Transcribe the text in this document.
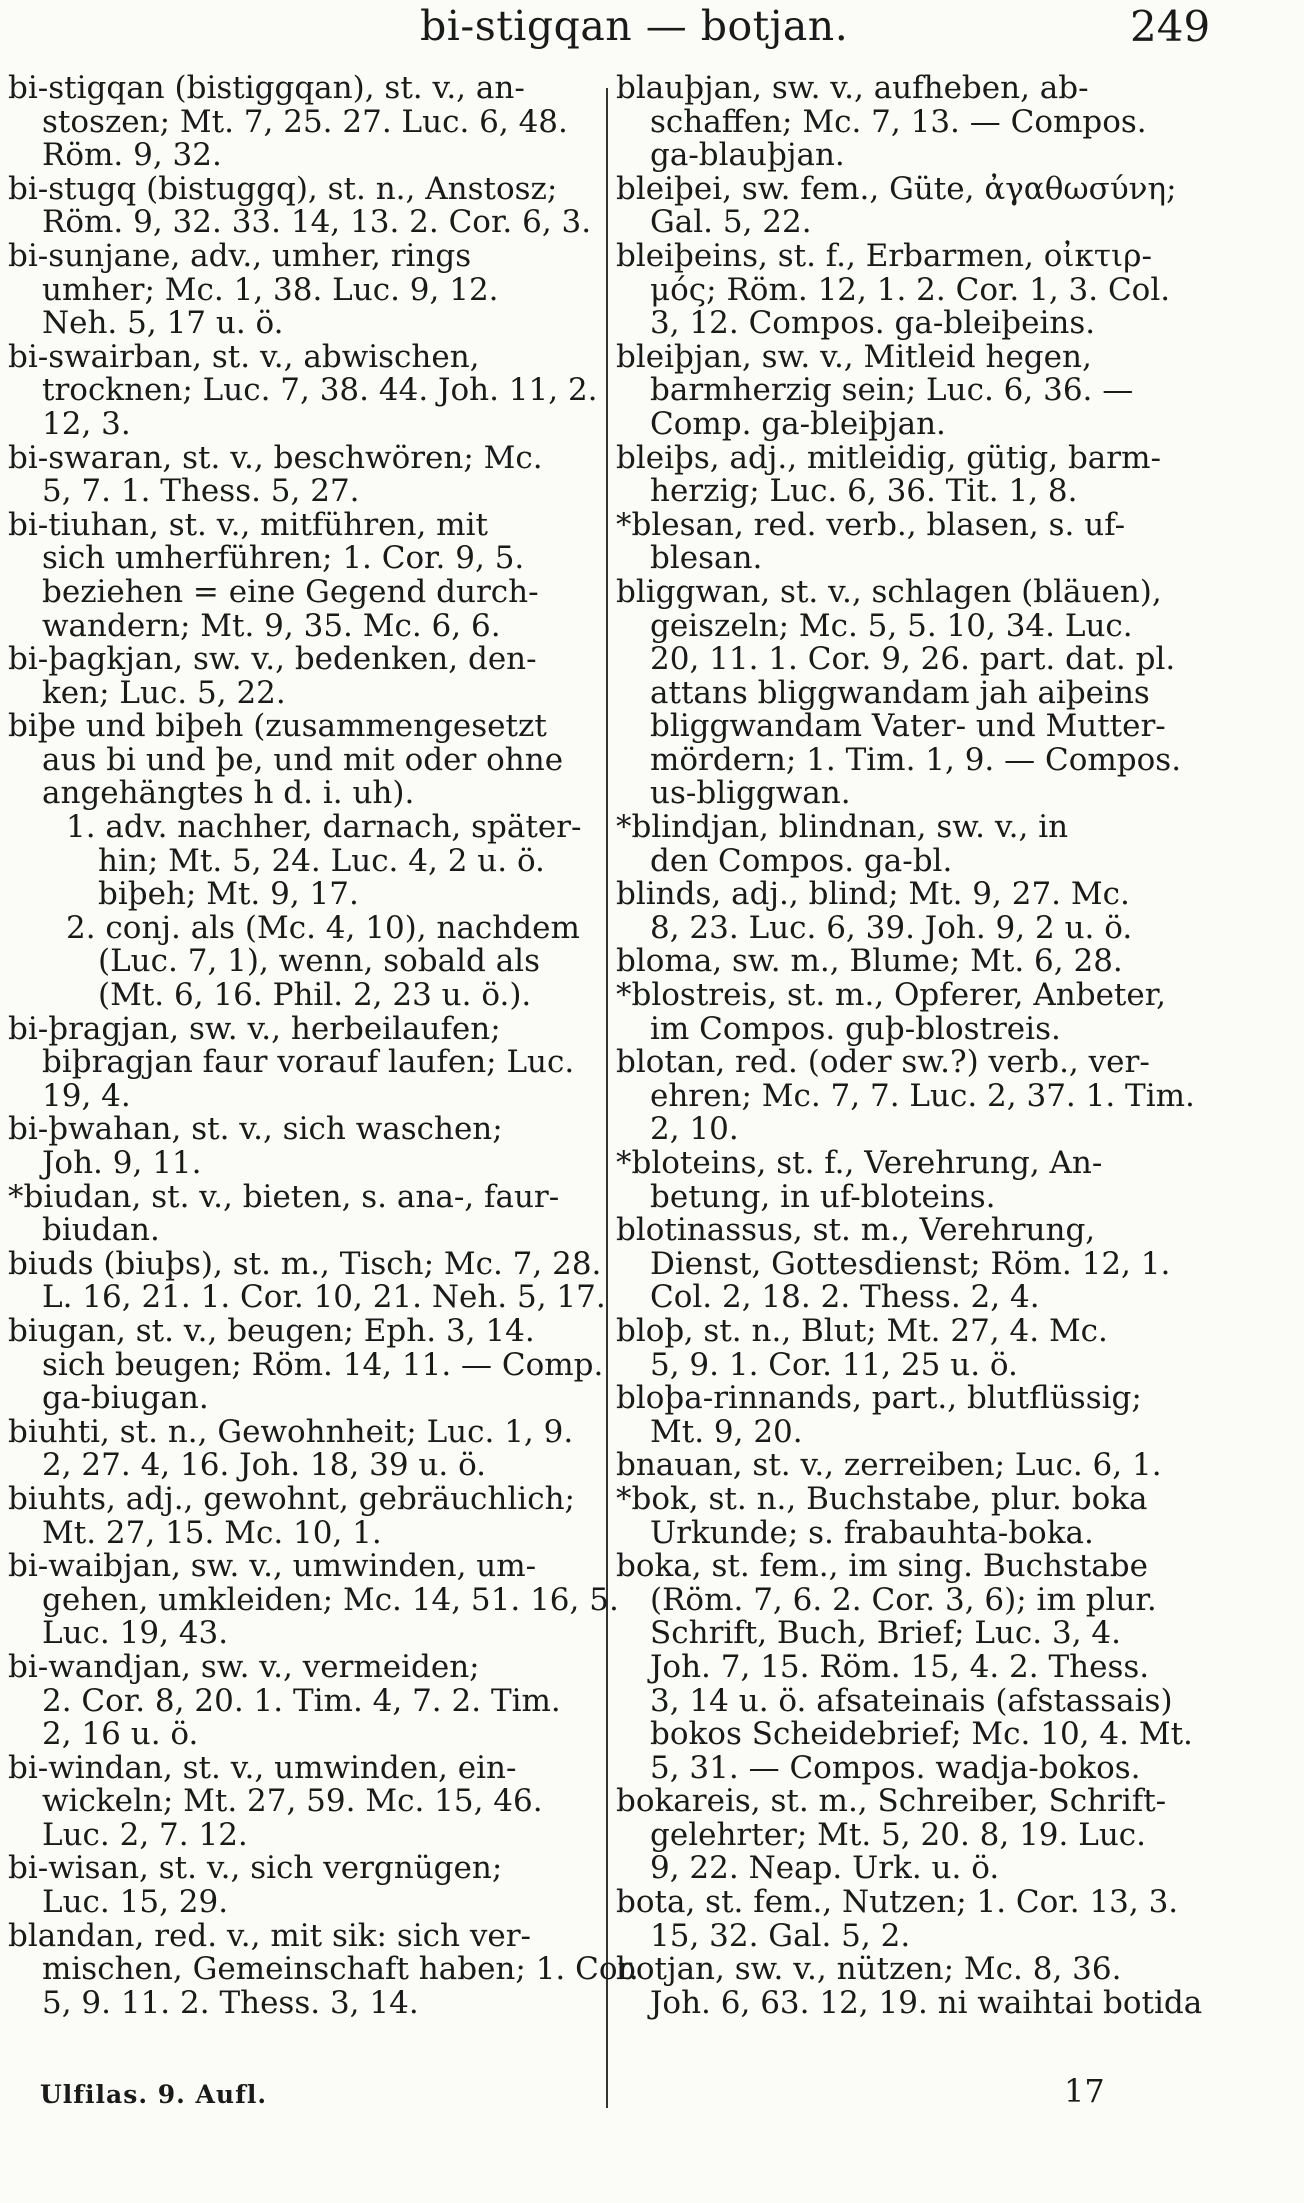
bi-stigqan — botjan.	249

bi-stigqan (bistiggqan), st. v., an-
stoszen; Mt. 7, 25. 27. Luc. 6, 48.
Röm. 9, 32.

bi-stugq (bistuggq), st. n., Anstosz;
Röm. 9, 32. 33. 14, 13. 2. Cor. 6, 3.

bi-sunjane, adv., umher, rings
umher; Mc. 1, 38. Luc. 9, 12.
Neh. 5, 17 u. ö.

bi-swairban, st. v., abwischen,
trocknen; Luc. 7, 38. 44. Joh. 11, 2.
12, 3.

bi-swaran, st. v., beschwören; Mc.
5, 7. 1. Thess. 5, 27.

bi-tiuhan, st. v., mitführen, mit
sich umherführen; 1. Cor. 9, 5.
beziehen = eine Gegend durch-
wandern; Mt. 9, 35. Mc. 6, 6.

bi-þagkjan, sw. v., bedenken, den-
ken; Luc. 5, 22.

biþe und biþeh (zusammengesetzt
aus bi und þe, und mit oder ohne
angehängtes h d. i. uh).

1. adv. nachher, darnach, später-
hin; Mt. 5, 24. Luc. 4, 2 u. ö.
biþeh; Mt. 9, 17.

2. conj. als (Mc. 4, 10), nachdem
(Luc. 7, 1), wenn, sobald als
(Mt. 6, 16. Phil. 2, 23 u. ö.).

bi-þragjan, sw. v., herbeilaufen;
biþragjan faur vorauf laufen; Luc.
19, 4.

bi-þwahan, st. v., sich waschen;
Joh. 9, 11.

*biudan, st. v., bieten, s. ana-, faur-
biudan.

biuds (biuþs), st. m., Tisch; Mc. 7, 28.
L. 16, 21. 1. Cor. 10, 21. Neh. 5, 17.

biugan, st. v., beugen; Eph. 3, 14.
sich beugen; Röm. 14, 11. — Comp.
ga-biugan.

biuhti, st. n., Gewohnheit; Luc. 1, 9.
2, 27. 4, 16. Joh. 18, 39 u. ö.

biuhts, adj., gewohnt, gebräuchlich;
Mt. 27, 15. Mc. 10, 1.

bi-waibjan, sw. v., umwinden, um-
gehen, umkleiden; Mc. 14, 51. 16, 5.
Luc. 19, 43.

bi-wandjan, sw. v., vermeiden;
2. Cor. 8, 20. 1. Tim. 4, 7. 2. Tim.
2, 16 u. ö.

bi-windan, st. v., umwinden, ein-
wickeln; Mt. 27, 59. Mc. 15, 46.
Luc. 2, 7. 12.

bi-wisan, st. v., sich vergnügen;
Luc. 15, 29.

blandan, red. v., mit sik: sich ver-
mischen, Gemeinschaft haben; 1. Cor.
5, 9. 11. 2. Thess. 3, 14.

blauþjan, sw. v., aufheben, ab-
schaffen; Mc. 7, 13. — Compos.
ga-blauþjan.

bleiþei, sw. fem., Güte, ἀγαθωσύνη;
Gal. 5, 22.

bleiþeins, st. f., Erbarmen, οἰκτιρ-
μός; Röm. 12, 1. 2. Cor. 1, 3. Col.
3, 12. Compos. ga-bleiþeins.

bleiþjan, sw. v., Mitleid hegen,
barmherzig sein; Luc. 6, 36. —
Comp. ga-bleiþjan.

bleiþs, adj., mitleidig, gütig, barm-
herzig; Luc. 6, 36. Tit. 1, 8.

*blesan, red. verb., blasen, s. uf-
blesan.

bliggwan, st. v., schlagen (bläuen),
geiszeln; Mc. 5, 5. 10, 34. Luc.
20, 11. 1. Cor. 9, 26. part. dat. pl.
attans bliggwandam jah aiþeins
bliggwandam Vater- und Mutter-
mördern; 1. Tim. 1, 9. — Compos.
us-bliggwan.

*blindjan, blindnan, sw. v., in
den Compos. ga-bl.

blinds, adj., blind; Mt. 9, 27. Mc.
8, 23. Luc. 6, 39. Joh. 9, 2 u. ö.

bloma, sw. m., Blume; Mt. 6, 28.

*blostreis, st. m., Opferer, Anbeter,
im Compos. guþ-blostreis.

blotan, red. (oder sw.?) verb., ver-
ehren; Mc. 7, 7. Luc. 2, 37. 1. Tim.
2, 10.

*bloteins, st. f., Verehrung, An-
betung, in uf-bloteins.

blotinassus, st. m., Verehrung,
Dienst, Gottesdienst; Röm. 12, 1.
Col. 2, 18. 2. Thess. 2, 4.

bloþ, st. n., Blut; Mt. 27, 4. Mc.
5, 9. 1. Cor. 11, 25 u. ö.

bloþa-rinnands, part., blutflüssig;
Mt. 9, 20.

bnauan, st. v., zerreiben; Luc. 6, 1.

*bok, st. n., Buchstabe, plur. boka
Urkunde; s. frabauhta-boka.

boka, st. fem., im sing. Buchstabe
(Röm. 7, 6. 2. Cor. 3, 6); im plur.
Schrift, Buch, Brief; Luc. 3, 4.
Joh. 7, 15. Röm. 15, 4. 2. Thess.
3, 14 u. ö. afsateinais (afstassais)
bokos Scheidebrief; Mc. 10, 4. Mt.
5, 31. — Compos. wadja-bokos.

bokareis, st. m., Schreiber, Schrift-
gelehrter; Mt. 5, 20. 8, 19. Luc.
9, 22. Neap. Urk. u. ö.

bota, st. fem., Nutzen; 1. Cor. 13, 3.
15, 32. Gal. 5, 2.

botjan, sw. v., nützen; Mc. 8, 36.
Joh. 6, 63. 12, 19. ni waihtai botida

Ulfilas. 9. Aufl.	17
